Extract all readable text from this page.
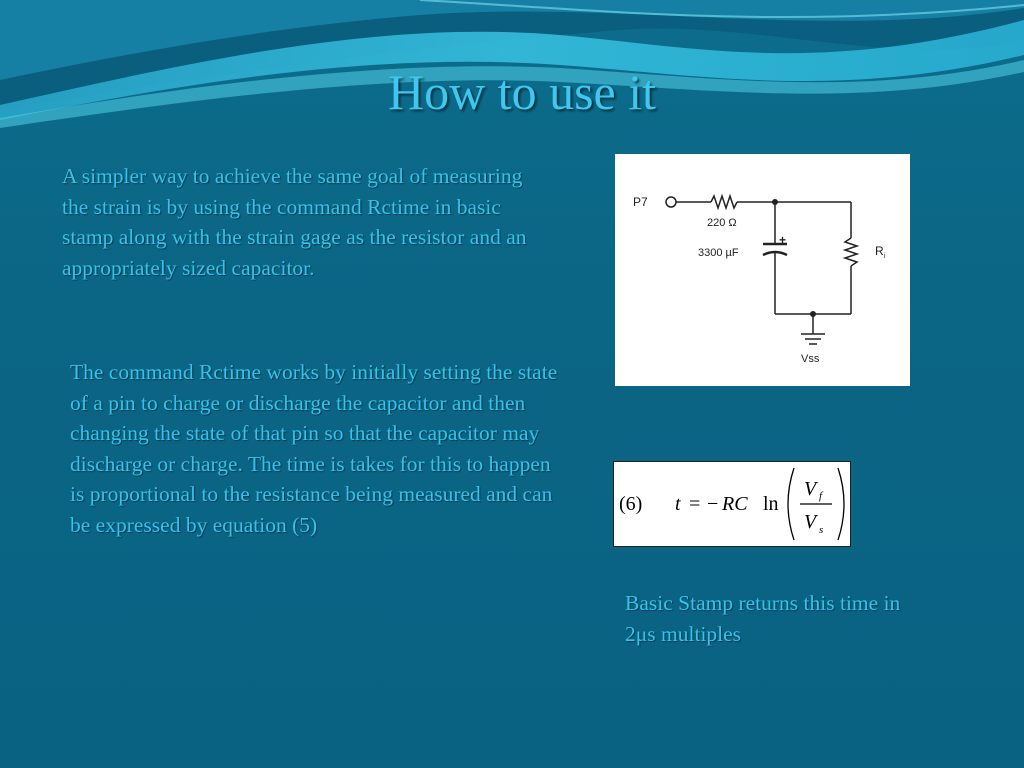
How to use it
A simpler way to achieve the same goal of measuring the strain is by using the command Rctime in basic stamp along with the strain gage as the resistor and an appropriately sized capacitor.
The command Rctime works by initially setting the state of a pin to charge or discharge the capacitor and then changing the state of that pin so that the capacitor may discharge or charge. The time is takes for this to happen is proportional to the resistance being measured and can be expressed by equation (5)
P7
220 Ω
3300 µF
+
R i
Vss
(6) t = − RC ln
V f
V s
Basic Stamp returns this time in 2μs multiples
